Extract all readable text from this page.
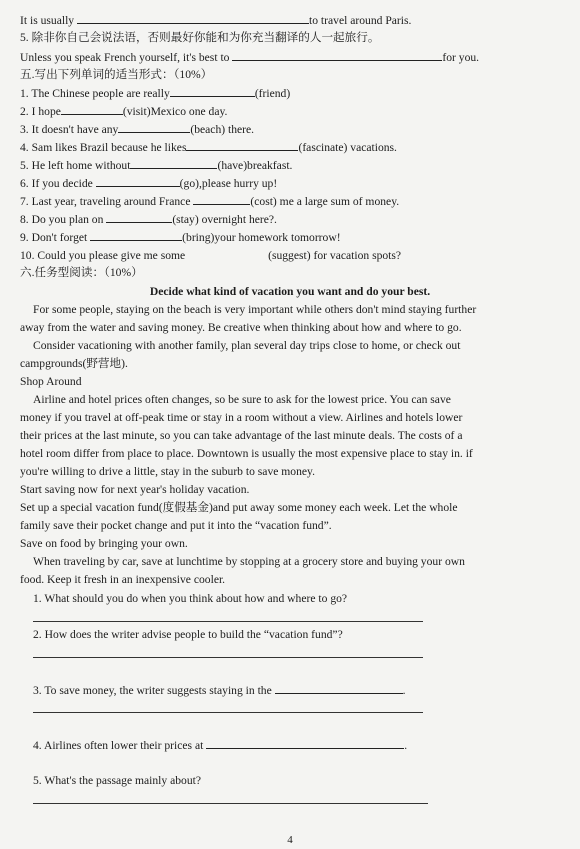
It is usually	to travel around Paris.
5. 除非你自己会说法语，否则最好你能和为你充当翻译的人一起旅行。
Unless you speak French yourself, it's best to	for you.
五.写出下列单词的适当形式：（10%）
1. The Chinese people are really	(friend)
2. I hope	(visit)Mexico one day.
3. It doesn't have any	(beach) there.
4. Sam likes Brazil because he likes	(fascinate) vacations.
5. He left home without	(have)breakfast.
6. If you decide	(go),please hurry up!
7. Last year, traveling around France	(cost) me a large sum of money.
8. Do you plan on	(stay) overnight here?.
9. Don't forget	(bring)your homework tomorrow!
10. Could you please give me some	(suggest) for vacation spots?
六.任务型阅读：（10%）
Decide what kind of vacation you want and do your best.
For some people, staying on the beach is very important while others don't mind staying further
away from the water and saving money. Be creative when thinking about how and where to go.
Consider vacationing with another family, plan several day trips close to home, or check out
campgrounds(野营地).
Shop Around
Airline and hotel prices often changes, so be sure to ask for the lowest price. You can save
money if you travel at off-peak time or stay in a room without a view. Airlines and hotels lower
their prices at the last minute, so you can take advantage of the last minute deals. The costs of a
hotel room differ from place to place. Downtown is usually the most expensive place to stay in. if
you're willing to drive a little, stay in the suburb to save money.
Start saving now for next year's holiday vacation.
Set up a special vacation fund(度假基金)and put away some money each week. Let the whole
family save their pocket change and put it into the “vacation fund”.
Save on food by bringing your own.
When traveling by car, save at lunchtime by stopping at a grocery store and buying your own
food. Keep it fresh in an inexpensive cooler.
1. What should you do when you think about how and where to go?
2. How does the writer advise people to build the “vacation fund”?
3. To save money, the writer suggests staying in the	.
4. Airlines often lower their prices at	.
5. What's the passage mainly about?
4
